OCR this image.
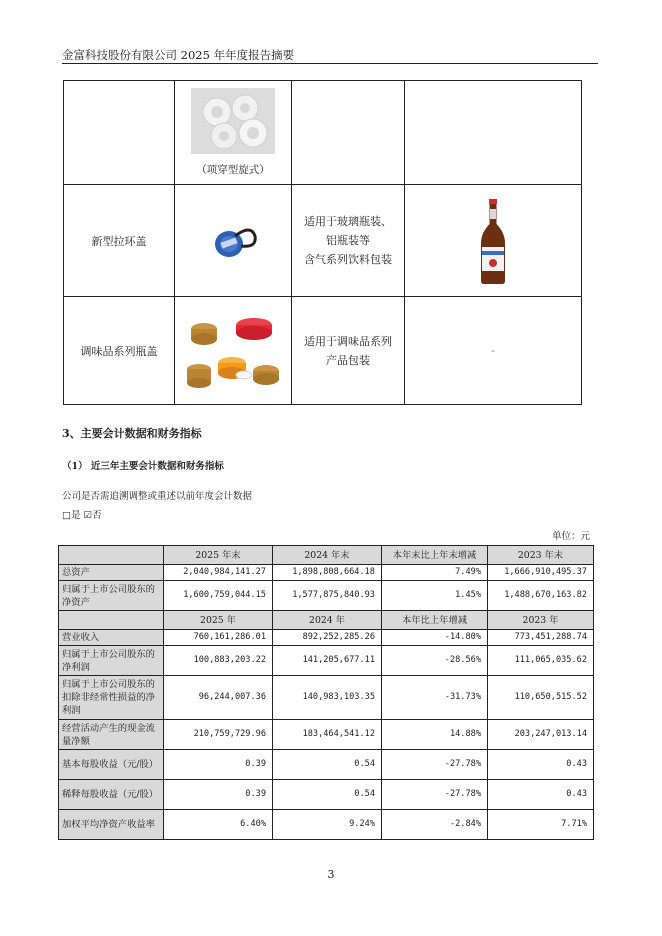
金富科技股份有限公司 2025 年年度报告摘要

	（项穿型旋式）		

新型拉环盖		适用于玻璃瓶装、
铝瓶装等
含气系列饮料包装

调味品系列瓶盖		适用于调味品系列
产品包装	-
3、主要会计数据和财务指标
（1） 近三年主要会计数据和财务指标
公司是否需追溯调整或重述以前年度会计数据
□是 ☑否
单位：元
	2025 年末	2024 年末	本年末比上年末增减	2023 年末
总资产	2,040,984,141.27	1,898,808,664.18	7.49%	1,666,910,495.37
归属于上市公司股东的净资产	1,600,759,044.15	1,577,875,840.93	1.45%	1,488,670,163.82
	2025 年	2024 年	本年比上年增减	2023 年
营业收入	760,161,286.01	892,252,285.26	-14.80%	773,451,288.74
归属于上市公司股东的净利润	100,883,203.22	141,205,677.11	-28.56%	111,065,035.62
归属于上市公司股东的扣除非经常性损益的净利润	96,244,007.36	140,983,103.35	-31.73%	110,650,515.52
经营活动产生的现金流量净额	210,759,729.96	183,464,541.12	14.88%	203,247,013.14
基本每股收益（元/股）	0.39	0.54	-27.78%	0.43
稀释每股收益（元/股）	0.39	0.54	-27.78%	0.43
加权平均净资产收益率	6.40%	9.24%	-2.84%	7.71%
3
